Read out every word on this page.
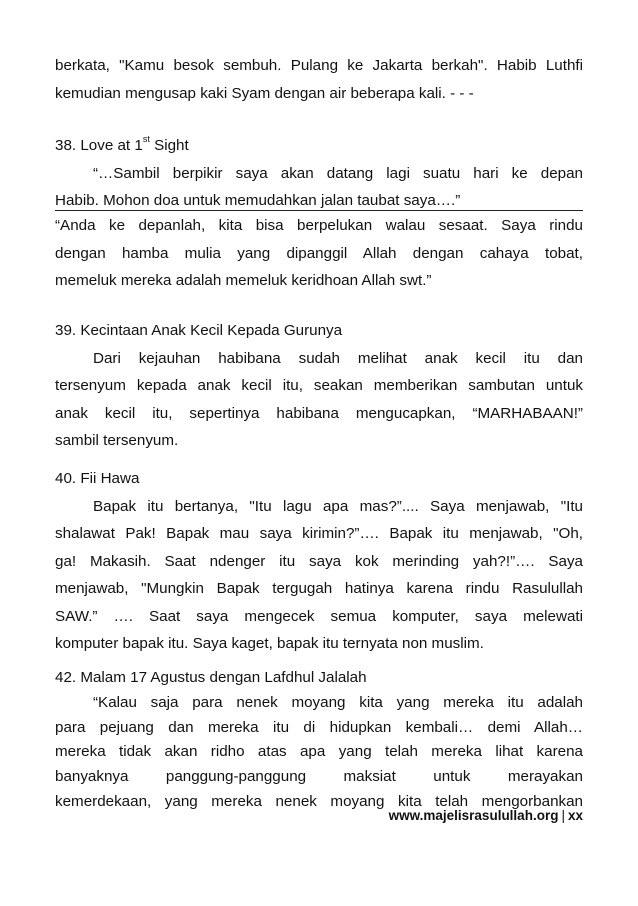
berkata, "Kamu besok sembuh. Pulang ke Jakarta berkah". Habib Luthfi
kemudian mengusap kaki Syam dengan air beberapa kali. - - -
38. Love at 1st Sight
“…Sambil berpikir saya akan datang lagi suatu hari ke depan
Habib. Mohon doa untuk memudahkan jalan taubat saya….”
“Anda ke depanlah, kita bisa berpelukan walau sesaat. Saya rindu
dengan hamba mulia yang dipanggil Allah dengan cahaya tobat,
memeluk mereka adalah memeluk keridhoan Allah swt.”
39. Kecintaan Anak Kecil Kepada Gurunya
Dari kejauhan habibana sudah melihat anak kecil itu dan
tersenyum kepada anak kecil itu, seakan memberikan sambutan untuk
anak kecil itu, sepertinya habibana mengucapkan, “MARHABAAN!”
sambil tersenyum.
40. Fii Hawa
Bapak itu bertanya, "Itu lagu apa mas?”.... Saya menjawab, "Itu
shalawat Pak! Bapak mau saya kirimin?”…. Bapak itu menjawab, "Oh,
ga! Makasih. Saat ndenger itu saya kok merinding yah?!”…. Saya
menjawab, "Mungkin Bapak tergugah hatinya karena rindu Rasulullah
SAW.” …. Saat saya mengecek semua komputer, saya melewati
komputer bapak itu. Saya kaget, bapak itu ternyata non muslim.
42. Malam 17 Agustus dengan Lafdhul Jalalah
“Kalau saja para nenek moyang kita yang mereka itu adalah
para pejuang dan mereka itu di hidupkan kembali… demi Allah…
mereka tidak akan ridho atas apa yang telah mereka lihat karena
banyaknya panggung-panggung maksiat untuk merayakan
kemerdekaan, yang mereka nenek moyang kita telah mengorbankan
www.majelisrasulullah.org | xx
